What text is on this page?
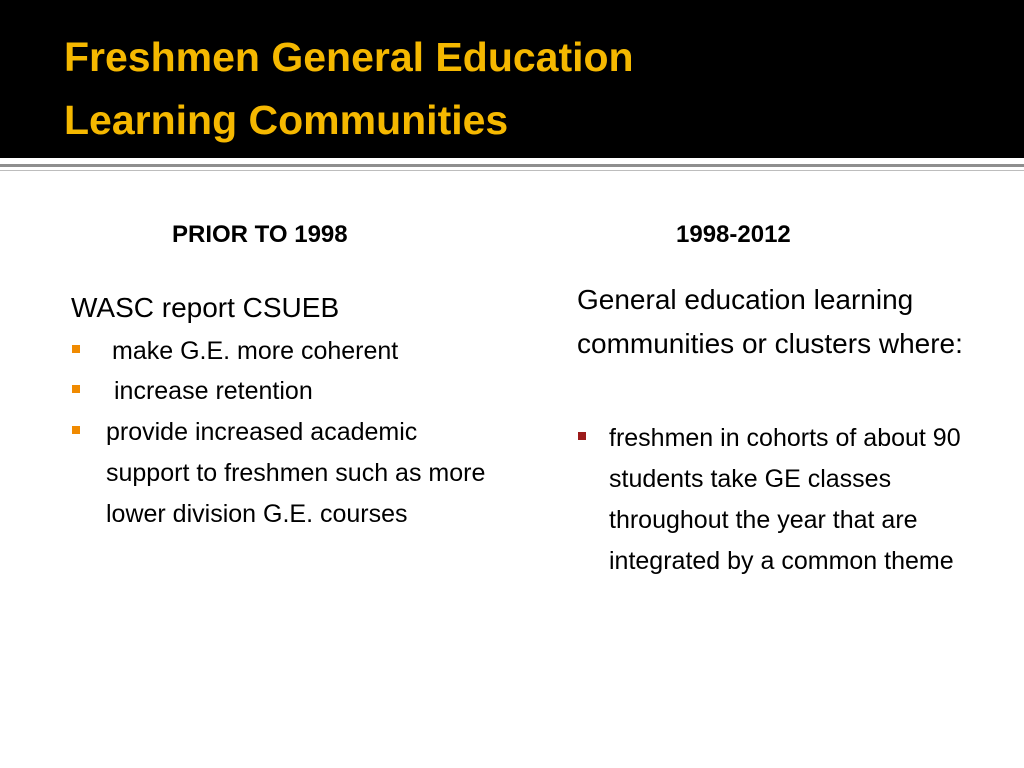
Freshmen General Education
Learning Communities
PRIOR TO 1998	1998-2012
WASC report CSUEB
make G.E. more coherent
increase retention
provide increased academic support to freshmen such as more lower division G.E. courses
General education learning communities or clusters where:
freshmen in cohorts of about 90 students take GE classes throughout the year that are integrated by a common theme
